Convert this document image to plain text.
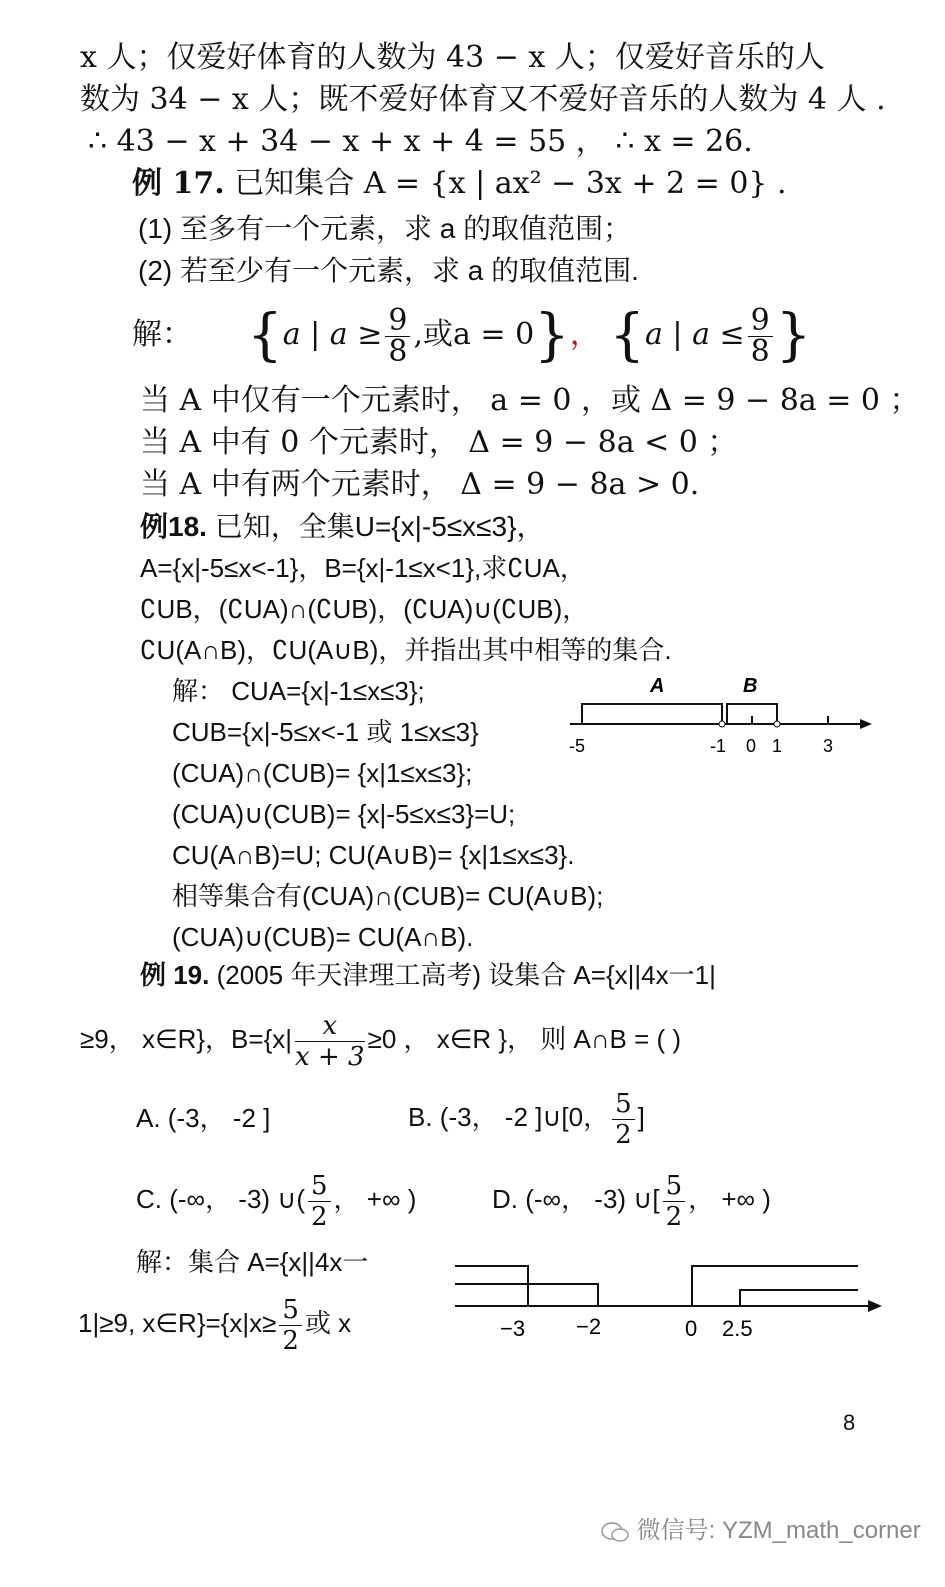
x 人；仅爱好体育的人数为 43 − x 人；仅爱好音乐的人
数为 34 − x 人；既不爱好体育又不爱好音乐的人数为 4 人 .
∴ 43 − x + 34 − x + x + 4 = 55 ， ∴ x = 26.
例 17. 已知集合 A = {x | ax² − 3x + 2 = 0} .
(1) 至多有一个元素，求 a 的取值范围；
(2) 若至少有一个元素，求 a 的取值范围.
解： {a | $a \ge \frac{9}{8}$ ,或a = 0}， {a | $a \le \frac{9}{8}$ }
当 A 中仅有一个元素时， a = 0 ，或 Δ = 9 − 8a = 0 ；
当 A 中有 0 个元素时， Δ = 9 − 8a < 0 ；
当 A 中有两个元素时， Δ = 9 − 8a > 0.
例18. 已知，全集U={x|-5≤x≤3}，
A={x|-5≤x<-1}，B={x|-1≤x<1},求∁UA，
∁UB，(∁UA)∩(∁UB)，(∁UA)∪(∁UB)，
∁U(A∩B)，∁U(A∪B)，并指出其中相等的集合.
解： CUA={x|-1≤x≤3};
CUB={x|-5≤x<-1 或 1≤x≤3}
(CUA)∩(CUB)= {x|1≤x≤3};
(CUA)∪(CUB)= {x|-5≤x≤3}=U;
CU(A∩B)=U; CU(A∪B)= {x|1≤x≤3}.
相等集合有(CUA)∩(CUB)= CU(A∪B);
(CUA)∪(CUB)= CU(A∩B).
A	B
-5	-1 0 1 3
例 19. (2005 年天津理工高考) 设集合 A={x||4x一1|
≥9， x∈R}，$B=\{x| \frac{x}{x + 3} \ge 0$ ， x∈R }， 则 A∩B = ( )
A. (-3， -2 ]	B. (-3， -2 ]∪[0， $\frac{5}{2}$ ]
C. (-∞， -3) ∪( $\frac{5}{2}$ ， +∞ )	D. (-∞， -3) ∪[ $\frac{5}{2}$ ， +∞ )
解：集合 A={x||4x一
1|≥9, x∈R}={x|x≥ $\frac{5}{2}$ 或 x	−3 −2	0 2.5
8
微信号: YZM_math_corner
